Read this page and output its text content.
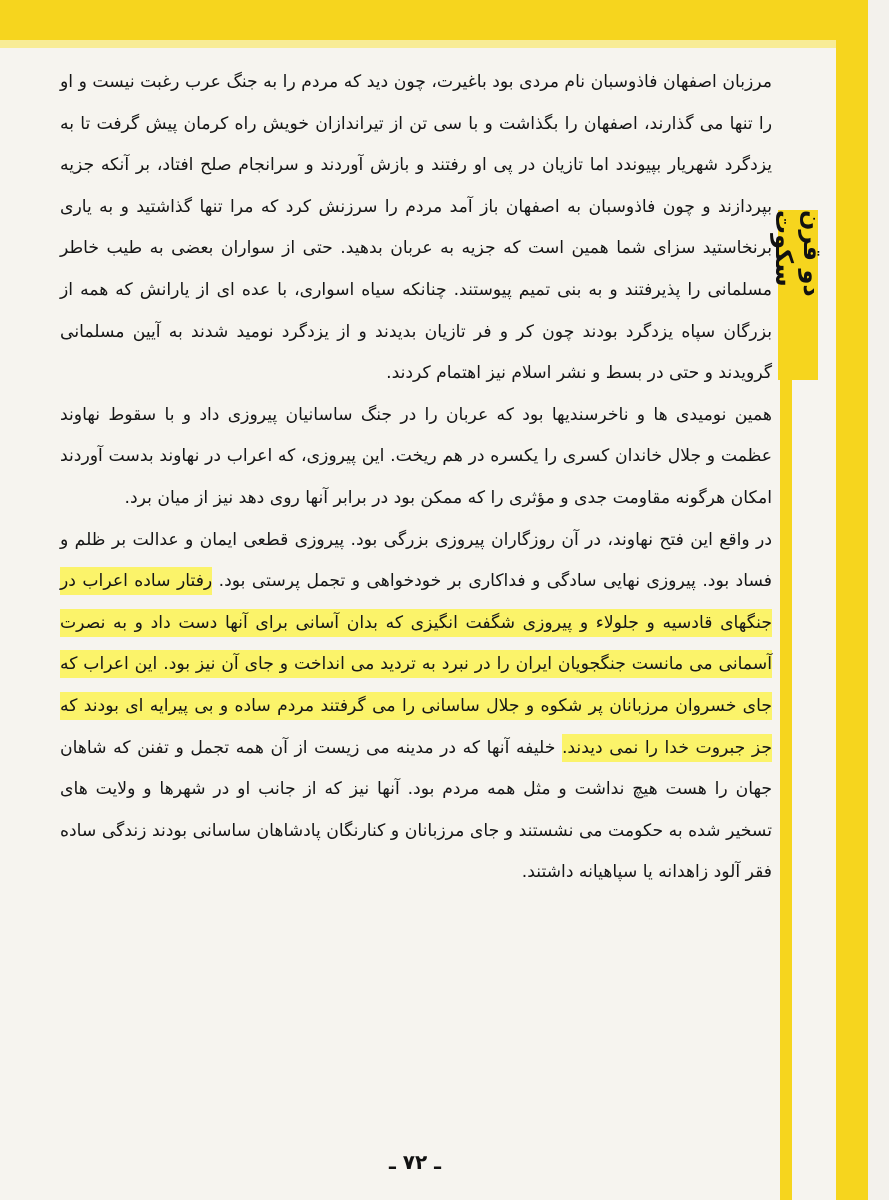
دو قرن سکوت

مرزبان اصفهان فاذوسبان نام مردی بود باغیرت، چون دید که مردم را به جنگ عرب رغبت نیست و او را تنها می گذارند، اصفهان را بگذاشت و با سی تن از تیراندازان خویش راه کرمان پیش گرفت تا به یزدگرد شهریار بپیوندد اما تازیان در پی او رفتند و بازش آوردند و سرانجام صلح افتاد، بر آنکه جزیه بپردازند و چون فاذوسبان به اصفهان باز آمد مردم را سرزنش کرد که مرا تنها گذاشتید و به یاری برنخاستید سزای شما همین است که جزیه به عربان بدهید. حتی از سواران بعضی به طیب خاطر مسلمانی را پذیرفتند و به بنی تمیم پیوستند. چنانکه سیاه اسواری، با عده ای از یارانش که همه از بزرگان سپاه یزدگرد بودند چون کر و فر تازیان بدیدند و از یزدگرد نومید شدند به آیین مسلمانی گرویدند و حتی در بسط و نشر اسلام نیز اهتمام کردند.

همین نومیدی ها و ناخرسندیها بود که عربان را در جنگ ساسانیان پیروزی داد و با سقوط نهاوند عظمت و جلال خاندان کسری را یکسره در هم ریخت. این پیروزی، که اعراب در نهاوند بدست آوردند امکان هرگونه مقاومت جدی و مؤثری را که ممکن بود در برابر آنها روی دهد نیز از میان برد.

در واقع این فتح نهاوند، در آن روزگاران پیروزی بزرگی بود. پیروزی قطعی ایمان و عدالت بر ظلم و فساد بود. پیروزی نهایی سادگی و فداکاری بر خودخواهی و تجمل پرستی بود. رفتار ساده اعراب در جنگهای قادسیه و جلولاء و پیروزی شگفت انگیزی که بدان آسانی برای آنها دست داد و به نصرت آسمانی می مانست جنگجویان ایران را در نبرد به تردید می انداخت و جای آن نیز بود. این اعراب که جای خسروان مرزبانان پر شکوه و جلال ساسانی را می گرفتند مردم ساده و بی پیرایه ای بودند که جز جبروت خدا را نمی دیدند. خلیفه آنها که در مدینه می زیست از آن همه تجمل و تفنن که شاهان جهان را هست هیچ نداشت و مثل همه مردم بود. آنها نیز که از جانب او در شهرها و ولایت های تسخیر شده به حکومت می نشستند و جای مرزبانان و کنارنگان پادشاهان ساسانی بودند زندگی ساده فقر آلود زاهدانه یا سپاهیانه داشتند.

ـ ۷۲ ـ
